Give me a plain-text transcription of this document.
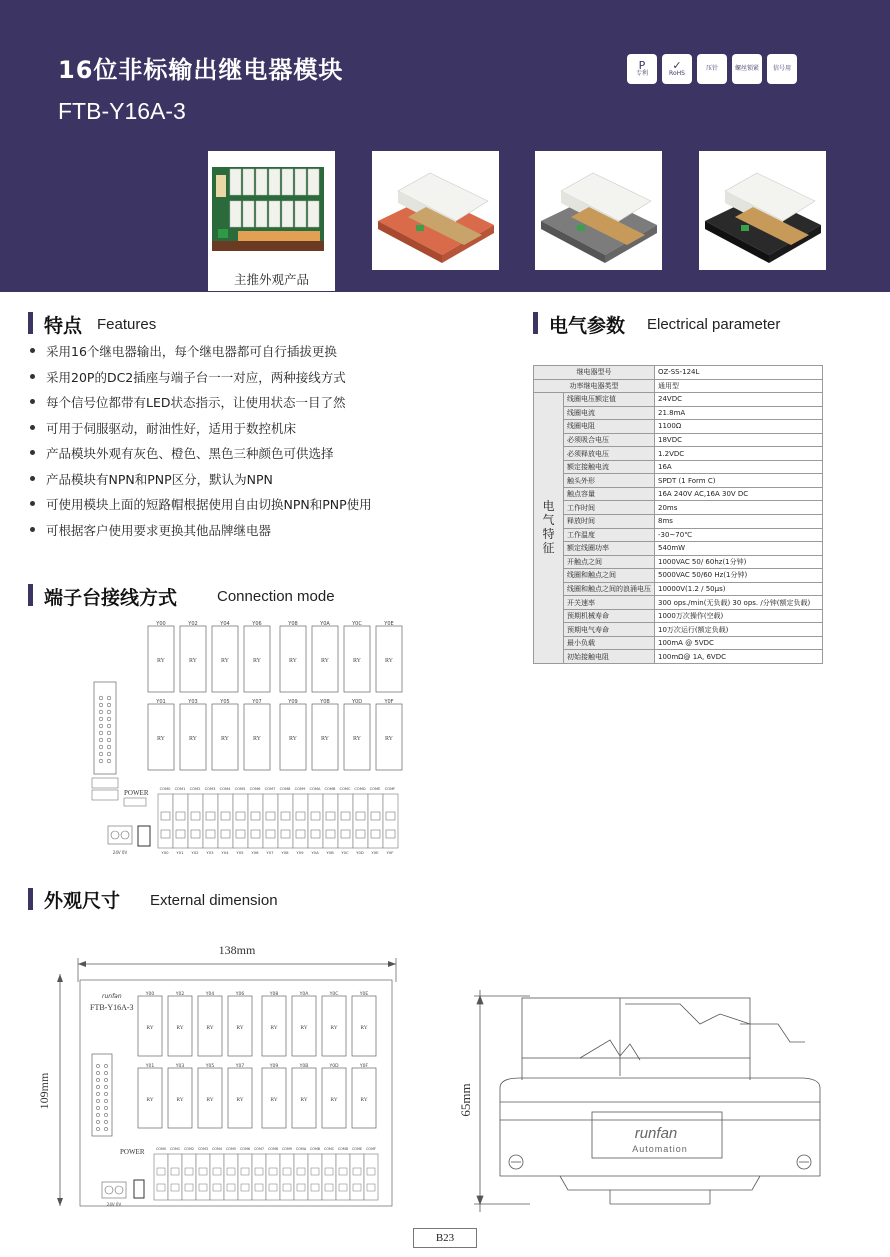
16位非标输出继电器模块
FTB-Y16A-3
P
专利
✓
RoHS
压针	螺丝锁紧 信号用
主推外观产品
特点 Features
采用16个继电器输出，每个继电器都可自行插拔更换
采用20P的DC2插座与端子台一一对应，两种接线方式
每个信号位都带有LED状态指示，让使用状态一目了然
可用于伺服驱动，耐油性好，适用于数控机床
产品模块外观有灰色、橙色、黑色三种颜色可供选择
产品模块有NPN和PNP区分，默认为NPN
可使用模块上面的短路帽根据使用自由切换NPN和PNP使用
可根据客户使用要求更换其他品牌继电器
电气参数 Electrical parameter
继电器型号		OZ-SS-124L
功率继电器类型		通用型
电
气
特
征	线圈电压额定值	24VDC
	线圈电流	21.8mA
	线圈电阻	1100Ω
	必须吸合电压	18VDC
	必须释放电压	1.2VDC
	额定接触电流	16A
	触头外形	SPDT (1 Form C)
	触点容量	16A 240V AC,16A 30V DC
	工作时间	20ms
	释放时间	8ms
	工作温度	-30~70℃
	额定线圈功率	540mW
	开触点之间	1000VAC 50/ 60hz(1分钟)
	线圈和触点之间	5000VAC 50/60 Hz(1分钟)
	线圈和触点之间的浪涌电压	10000V(1.2 / 50μs)
	开关速率	300 ops./min(无负载) 30 ops. /分钟(额定负载)
	预期机械寿命	1000万次操作(空载)
	预期电气寿命	10万次运行(额定负载)
	最小负载	100mA @ 5VDC
	初始接触电阻	100mΩ@ 1A, 6VDC
端子台接线方式	Connection mode
Y00
RY
Y02
RY
Y04
RY
Y06
RY
Y08
RY
Y0A
RY
Y0C
RY
Y0E
RY
Y01
RY
Y03
RY
Y05
RY
Y07
RY
Y09
RY
Y0B
RY
Y0D
RY
Y0F
RY
POWER	COM0
Y00
COM1
Y01
COM2
Y02
COM3
Y03
COM4
Y04
COM5
Y05
COM6
Y06
COM7
Y07
COM8
Y08
COM9
Y09
COMA
Y0A
COMB
Y0B
COMC
Y0C
COMD
Y0D
COME
Y0E
COMF
Y0F
24V 0V
外观尺寸 External dimension
138mm
109mm
runfan
FTB-Y16A-3
Y00
RY
Y02
RY
Y04
RY
Y06
RY
Y08
RY
Y0A
RY
Y0C
RY
Y0E
RY
Y01
RY
Y03
RY
Y05
RY
Y07
RY
Y09
RY
Y0B
RY
Y0D
RY
Y0F
RY
POWER	COM0 COM1 COM2 COM3 COM4 COM5 COM6 COM7 COM8 COM9 COMA COMB COMC COMD COME COMF
24V 0V
65mm
runfan
Automation
B23
